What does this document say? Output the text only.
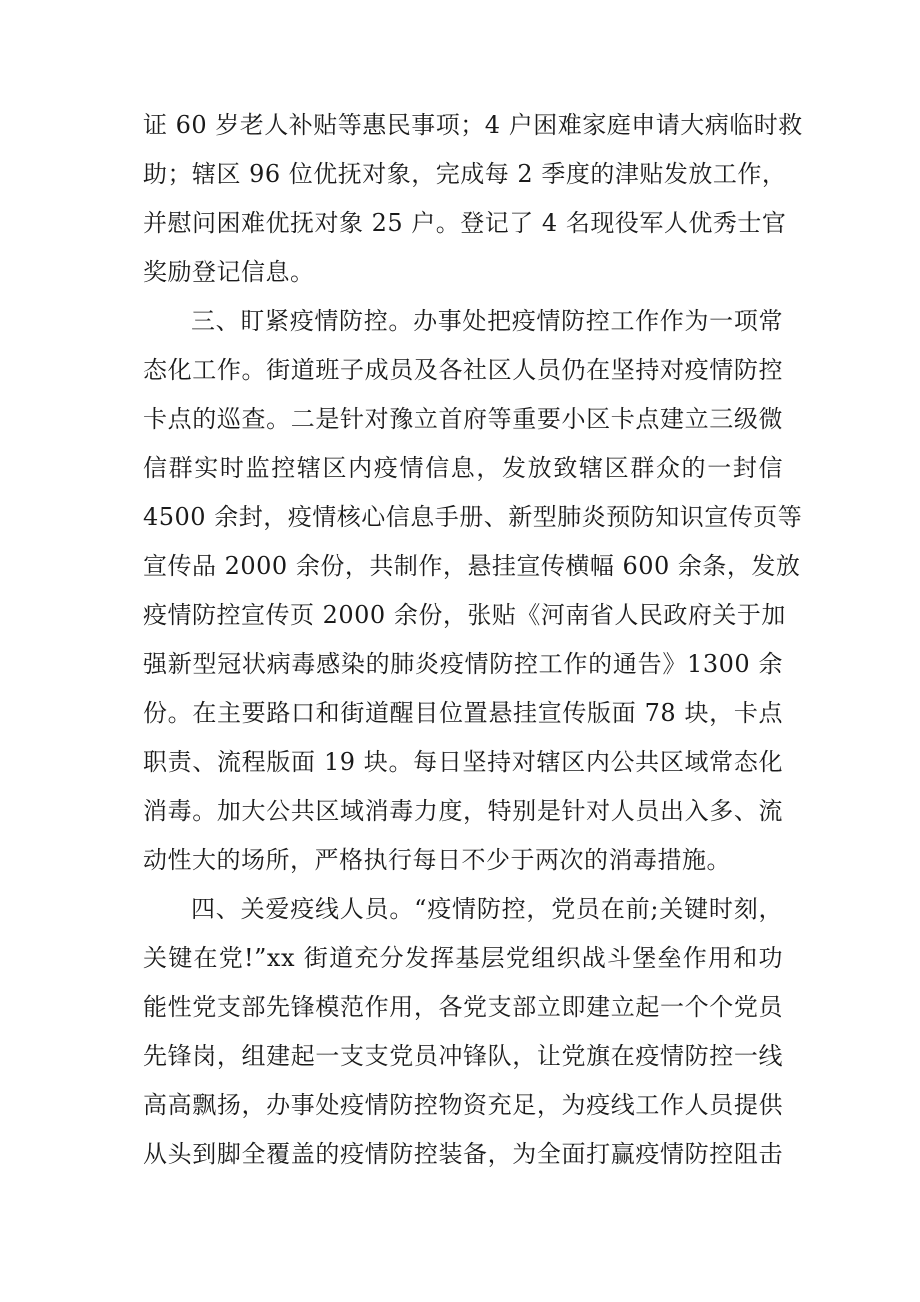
证 60 岁老人补贴等惠民事项；4 户困难家庭申请大病临时救
助；辖区 96 位优抚对象，完成每 2 季度的津贴发放工作，
并慰问困难优抚对象 25 户。登记了 4 名现役军人优秀士官
奖励登记信息。
三、盯紧疫情防控。办事处把疫情防控工作作为一项常
态化工作。街道班子成员及各社区人员仍在坚持对疫情防控
卡点的巡查。二是针对豫立首府等重要小区卡点建立三级微
信群实时监控辖区内疫情信息，发放致辖区群众的一封信
4500 余封，疫情核心信息手册、新型肺炎预防知识宣传页等
宣传品 2000 余份，共制作，悬挂宣传横幅 600 余条，发放
疫情防控宣传页 2000 余份，张贴《河南省人民政府关于加
强新型冠状病毒感染的肺炎疫情防控工作的通告》1300 余
份。在主要路口和街道醒目位置悬挂宣传版面 78 块，卡点
职责、流程版面 19 块。每日坚持对辖区内公共区域常态化
消毒。加大公共区域消毒力度，特别是针对人员出入多、流
动性大的场所，严格执行每日不少于两次的消毒措施。
四、关爱疫线人员。“疫情防控，党员在前;关键时刻，
关键在党!”xx 街道充分发挥基层党组织战斗堡垒作用和功
能性党支部先锋模范作用，各党支部立即建立起一个个党员
先锋岗，组建起一支支党员冲锋队，让党旗在疫情防控一线
高高飘扬，办事处疫情防控物资充足，为疫线工作人员提供
从头到脚全覆盖的疫情防控装备，为全面打赢疫情防控阻击
